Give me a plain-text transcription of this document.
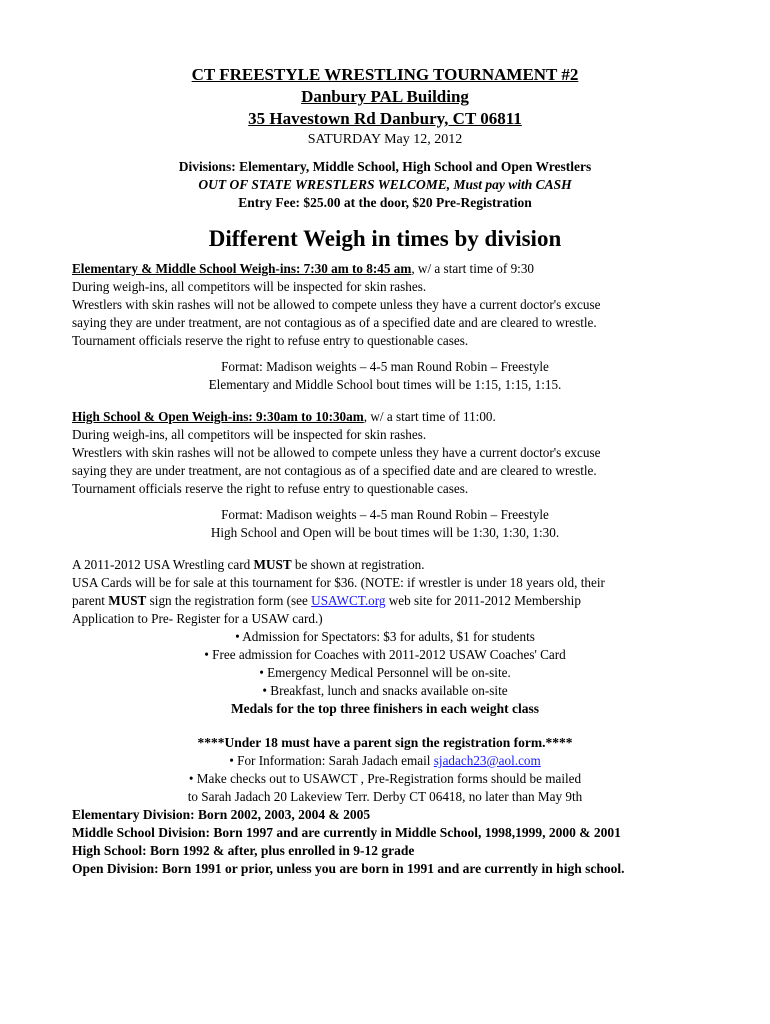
CT FREESTYLE WRESTLING TOURNAMENT #2
Danbury PAL Building
35 Havestown Rd Danbury, CT 06811
SATURDAY May 12, 2012
Divisions: Elementary, Middle School, High School and Open Wrestlers
OUT OF STATE WRESTLERS WELCOME, Must pay with CASH
Entry Fee: $25.00 at the door, $20 Pre-Registration
Different Weigh in times by division
Elementary & Middle School Weigh-ins: 7:30 am to 8:45 am, w/ a start time of 9:30
During weigh-ins, all competitors will be inspected for skin rashes.
Wrestlers with skin rashes will not be allowed to compete unless they have a current doctor's excuse
saying they are under treatment, are not contagious as of a specified date and are cleared to wrestle.
Tournament officials reserve the right to refuse entry to questionable cases.
Format: Madison weights – 4-5 man Round Robin – Freestyle
Elementary and Middle School bout times will be 1:15, 1:15, 1:15.
High School & Open Weigh-ins: 9:30am to 10:30am, w/ a start time of 11:00.
During weigh-ins, all competitors will be inspected for skin rashes.
Wrestlers with skin rashes will not be allowed to compete unless they have a current doctor's excuse
saying they are under treatment, are not contagious as of a specified date and are cleared to wrestle.
Tournament officials reserve the right to refuse entry to questionable cases.
Format: Madison weights – 4-5 man Round Robin – Freestyle
High School and Open will be bout times will be 1:30, 1:30, 1:30.
A 2011-2012 USA Wrestling card MUST be shown at registration.
USA Cards will be for sale at this tournament for $36. (NOTE: if wrestler is under 18 years old, their
parent MUST sign the registration form (see USAWCT.org web site for 2011-2012 Membership
Application to Pre- Register for a USAW card.)
• Admission for Spectators: $3 for adults, $1 for students
• Free admission for Coaches with 2011-2012 USAW Coaches' Card
• Emergency Medical Personnel will be on-site.
• Breakfast, lunch and snacks available on-site
Medals for the top three finishers in each weight class
****Under 18 must have a parent sign the registration form.****
• For Information: Sarah Jadach email sjadach23@aol.com
• Make checks out to USAWCT , Pre-Registration forms should be mailed
to Sarah Jadach 20 Lakeview Terr. Derby CT 06418, no later than May 9th
Elementary Division: Born 2002, 2003, 2004 & 2005
Middle School Division: Born 1997 and are currently in Middle School, 1998,1999, 2000 & 2001
High School: Born 1992 & after, plus enrolled in 9-12 grade
Open Division: Born 1991 or prior, unless you are born in 1991 and are currently in high school.
